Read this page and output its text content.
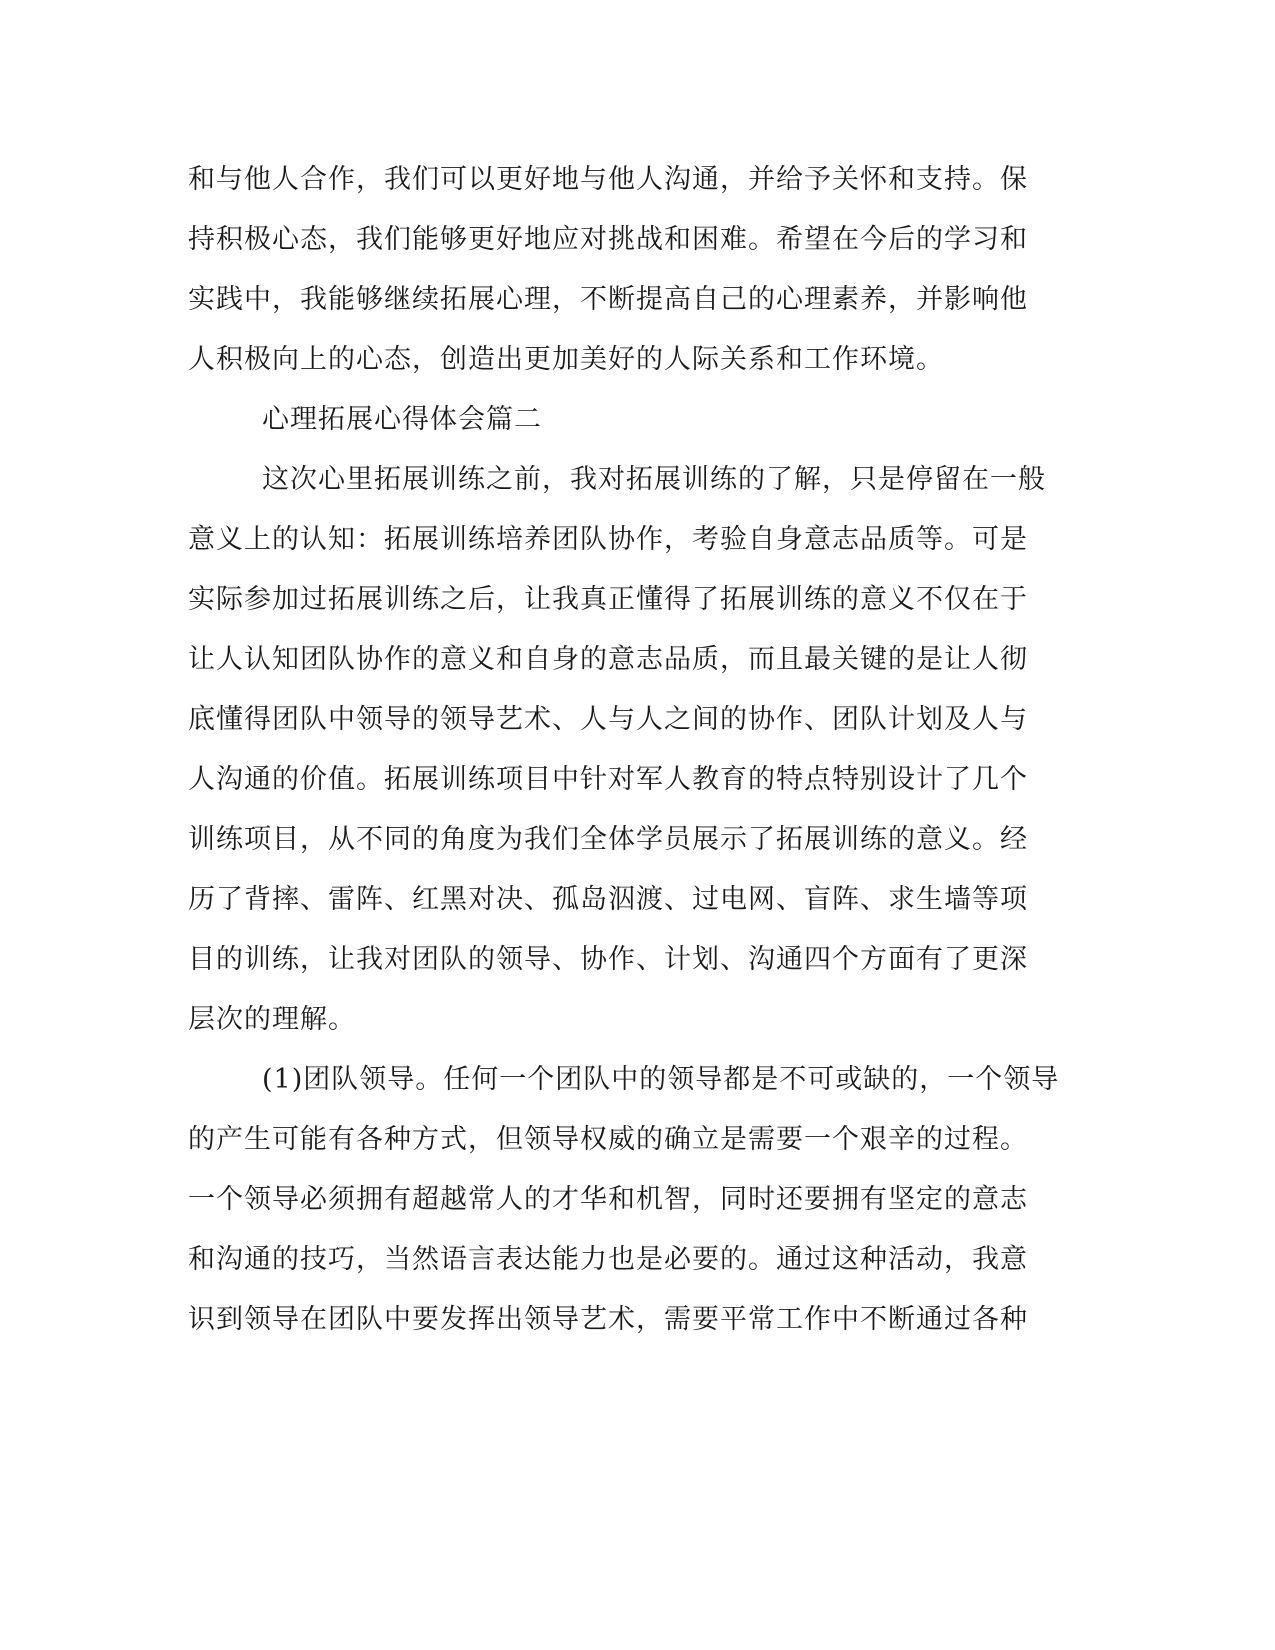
和与他人合作，我们可以更好地与他人沟通，并给予关怀和支持。保
持积极心态，我们能够更好地应对挑战和困难。希望在今后的学习和
实践中，我能够继续拓展心理，不断提高自己的心理素养，并影响他
人积极向上的心态，创造出更加美好的人际关系和工作环境。
心理拓展心得体会篇二
这次心里拓展训练之前，我对拓展训练的了解，只是停留在一般
意义上的认知：拓展训练培养团队协作，考验自身意志品质等。可是
实际参加过拓展训练之后，让我真正懂得了拓展训练的意义不仅在于
让人认知团队协作的意义和自身的意志品质，而且最关键的是让人彻
底懂得团队中领导的领导艺术、人与人之间的协作、团队计划及人与
人沟通的价值。拓展训练项目中针对军人教育的特点特别设计了几个
训练项目，从不同的角度为我们全体学员展示了拓展训练的意义。经
历了背摔、雷阵、红黑对决、孤岛泅渡、过电网、盲阵、求生墙等项
目的训练，让我对团队的领导、协作、计划、沟通四个方面有了更深
层次的理解。
(1)团队领导。任何一个团队中的领导都是不可或缺的，一个领导
的产生可能有各种方式，但领导权威的确立是需要一个艰辛的过程。
一个领导必须拥有超越常人的才华和机智，同时还要拥有坚定的意志
和沟通的技巧，当然语言表达能力也是必要的。通过这种活动，我意
识到领导在团队中要发挥出领导艺术，需要平常工作中不断通过各种
